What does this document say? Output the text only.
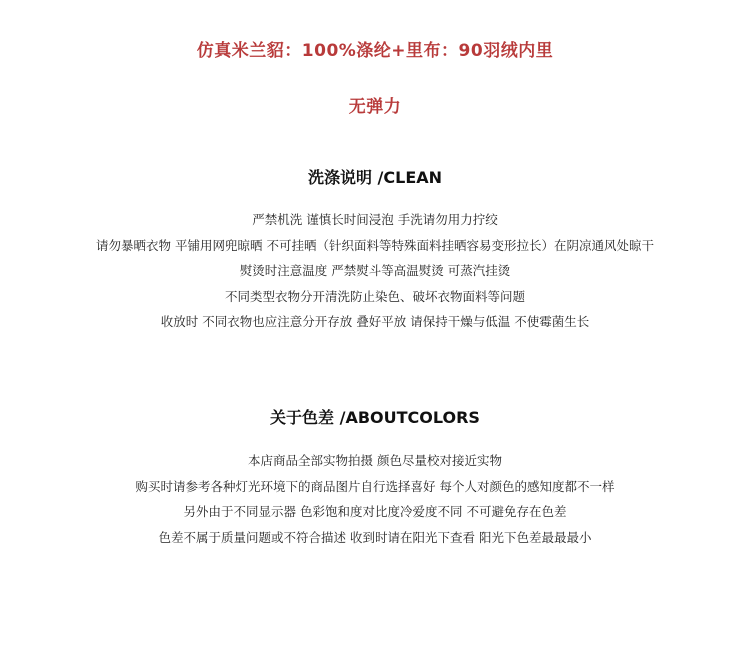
仿真米兰貂：100%涤纶+里布：90羽绒内里
无弹力
洗涤说明 /CLEAN
严禁机洗 谨慎长时间浸泡 手洗请勿用力拧绞
请勿暴晒衣物 平铺用网兜晾晒 不可挂晒（针织面料等特殊面料挂晒容易变形拉长）在阴凉通风处晾干
熨烫时注意温度 严禁熨斗等高温熨烫 可蒸汽挂烫
不同类型衣物分开清洗防止染色、破坏衣物面料等问题
收放时 不同衣物也应注意分开存放 叠好平放 请保持干燥与低温 不使霉菌生长
关于色差 /ABOUTCOLORS
本店商品全部实物拍摄 颜色尽量校对接近实物
购买时请参考各种灯光环境下的商品图片自行选择喜好 每个人对颜色的感知度都不一样
另外由于不同显示器 色彩饱和度对比度冷爱度不同 不可避免存在色差
色差不属于质量问题或不符合描述 收到时请在阳光下查看 阳光下色差最最最小
